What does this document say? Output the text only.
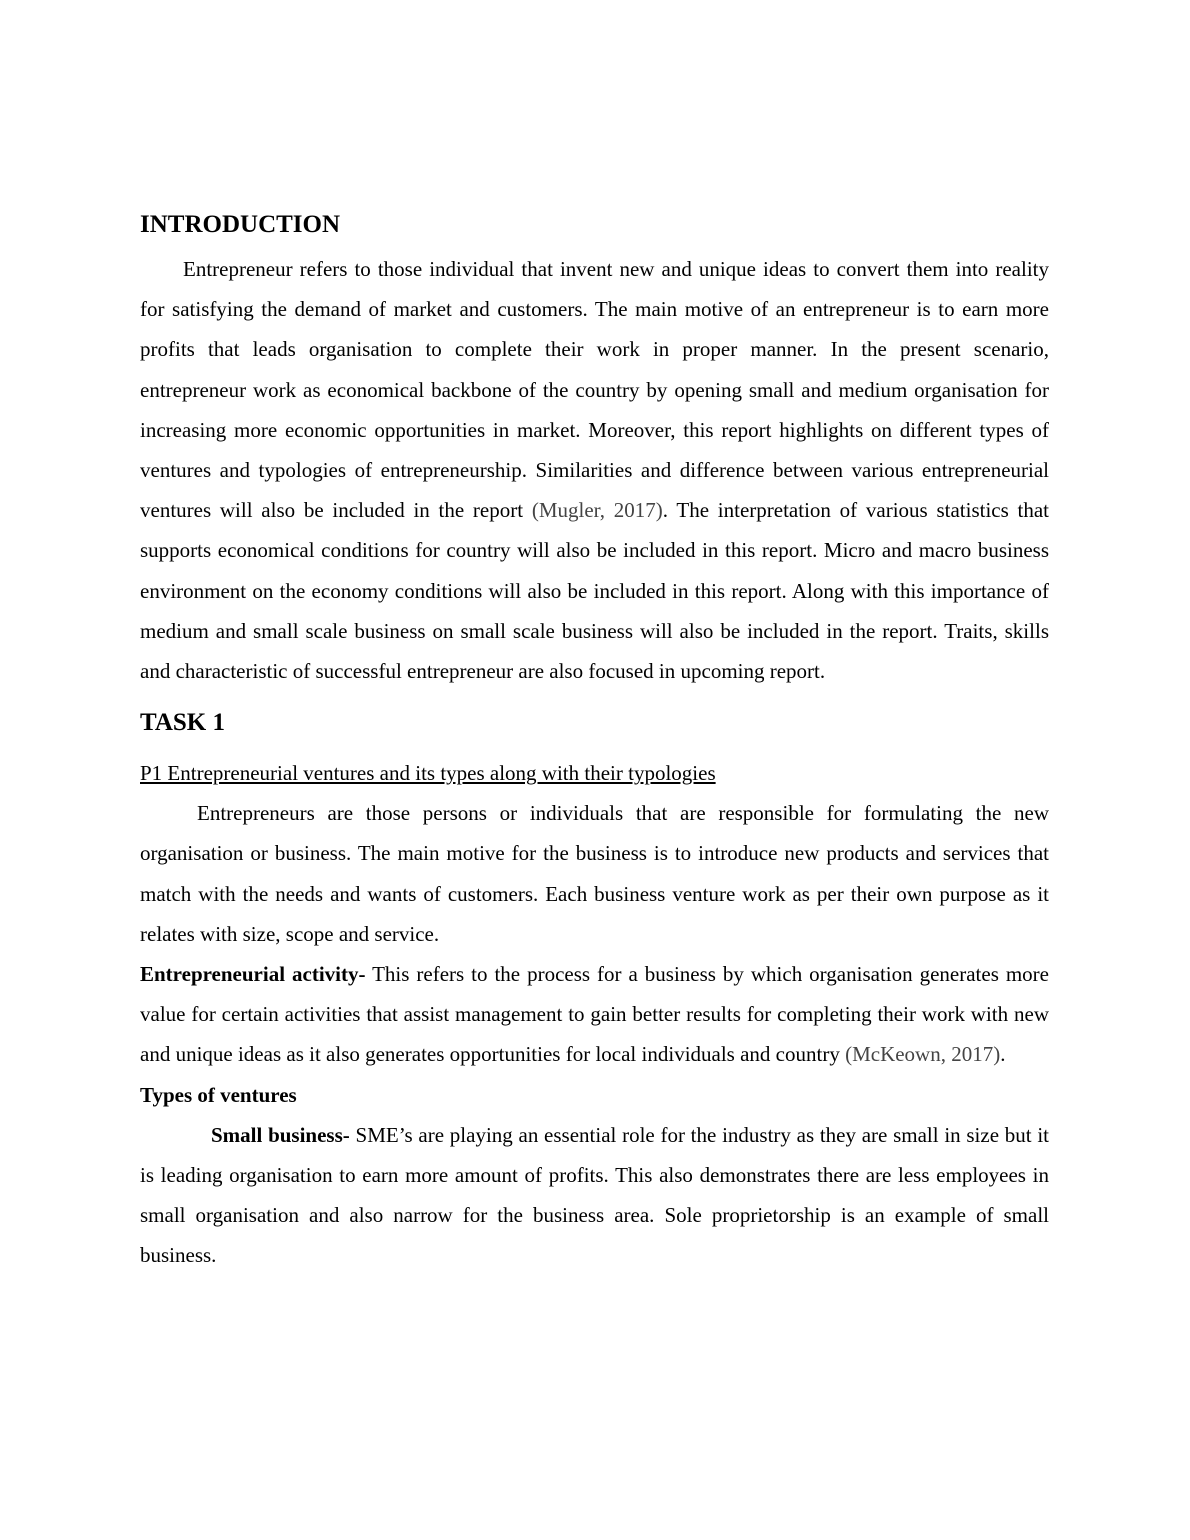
INTRODUCTION

Entrepreneur refers to those individual that invent new and unique ideas to convert them into reality for satisfying the demand of market and customers. The main motive of an entrepreneur is to earn more profits that leads organisation to complete their work in proper manner. In the present scenario, entrepreneur work as economical backbone of the country by opening small and medium organisation for increasing more economic opportunities in market. Moreover, this report highlights on different types of ventures and typologies of entrepreneurship. Similarities and difference between various entrepreneurial ventures will also be included in the report (Mugler, 2017). The interpretation of various statistics that supports economical conditions for country will also be included in this report. Micro and macro business environment on the economy conditions will also be included in this report. Along with this importance of medium and small scale business on small scale business will also be included in the report. Traits, skills and characteristic of successful entrepreneur are also focused in upcoming report.

TASK 1

P1 Entrepreneurial ventures and its types along with their typologies

Entrepreneurs are those persons or individuals that are responsible for formulating the new organisation or business. The main motive for the business is to introduce new products and services that match with the needs and wants of customers. Each business venture work as per their own purpose as it relates with size, scope and service.

Entrepreneurial activity- This refers to the process for a business by which organisation generates more value for certain activities that assist management to gain better results for completing their work with new and unique ideas as it also generates opportunities for local individuals and country (McKeown, 2017).

Types of ventures

Small business- SME’s are playing an essential role for the industry as they are small in size but it is leading organisation to earn more amount of profits. This also demonstrates there are less employees in small organisation and also narrow for the business area. Sole proprietorship is an example of small business.
